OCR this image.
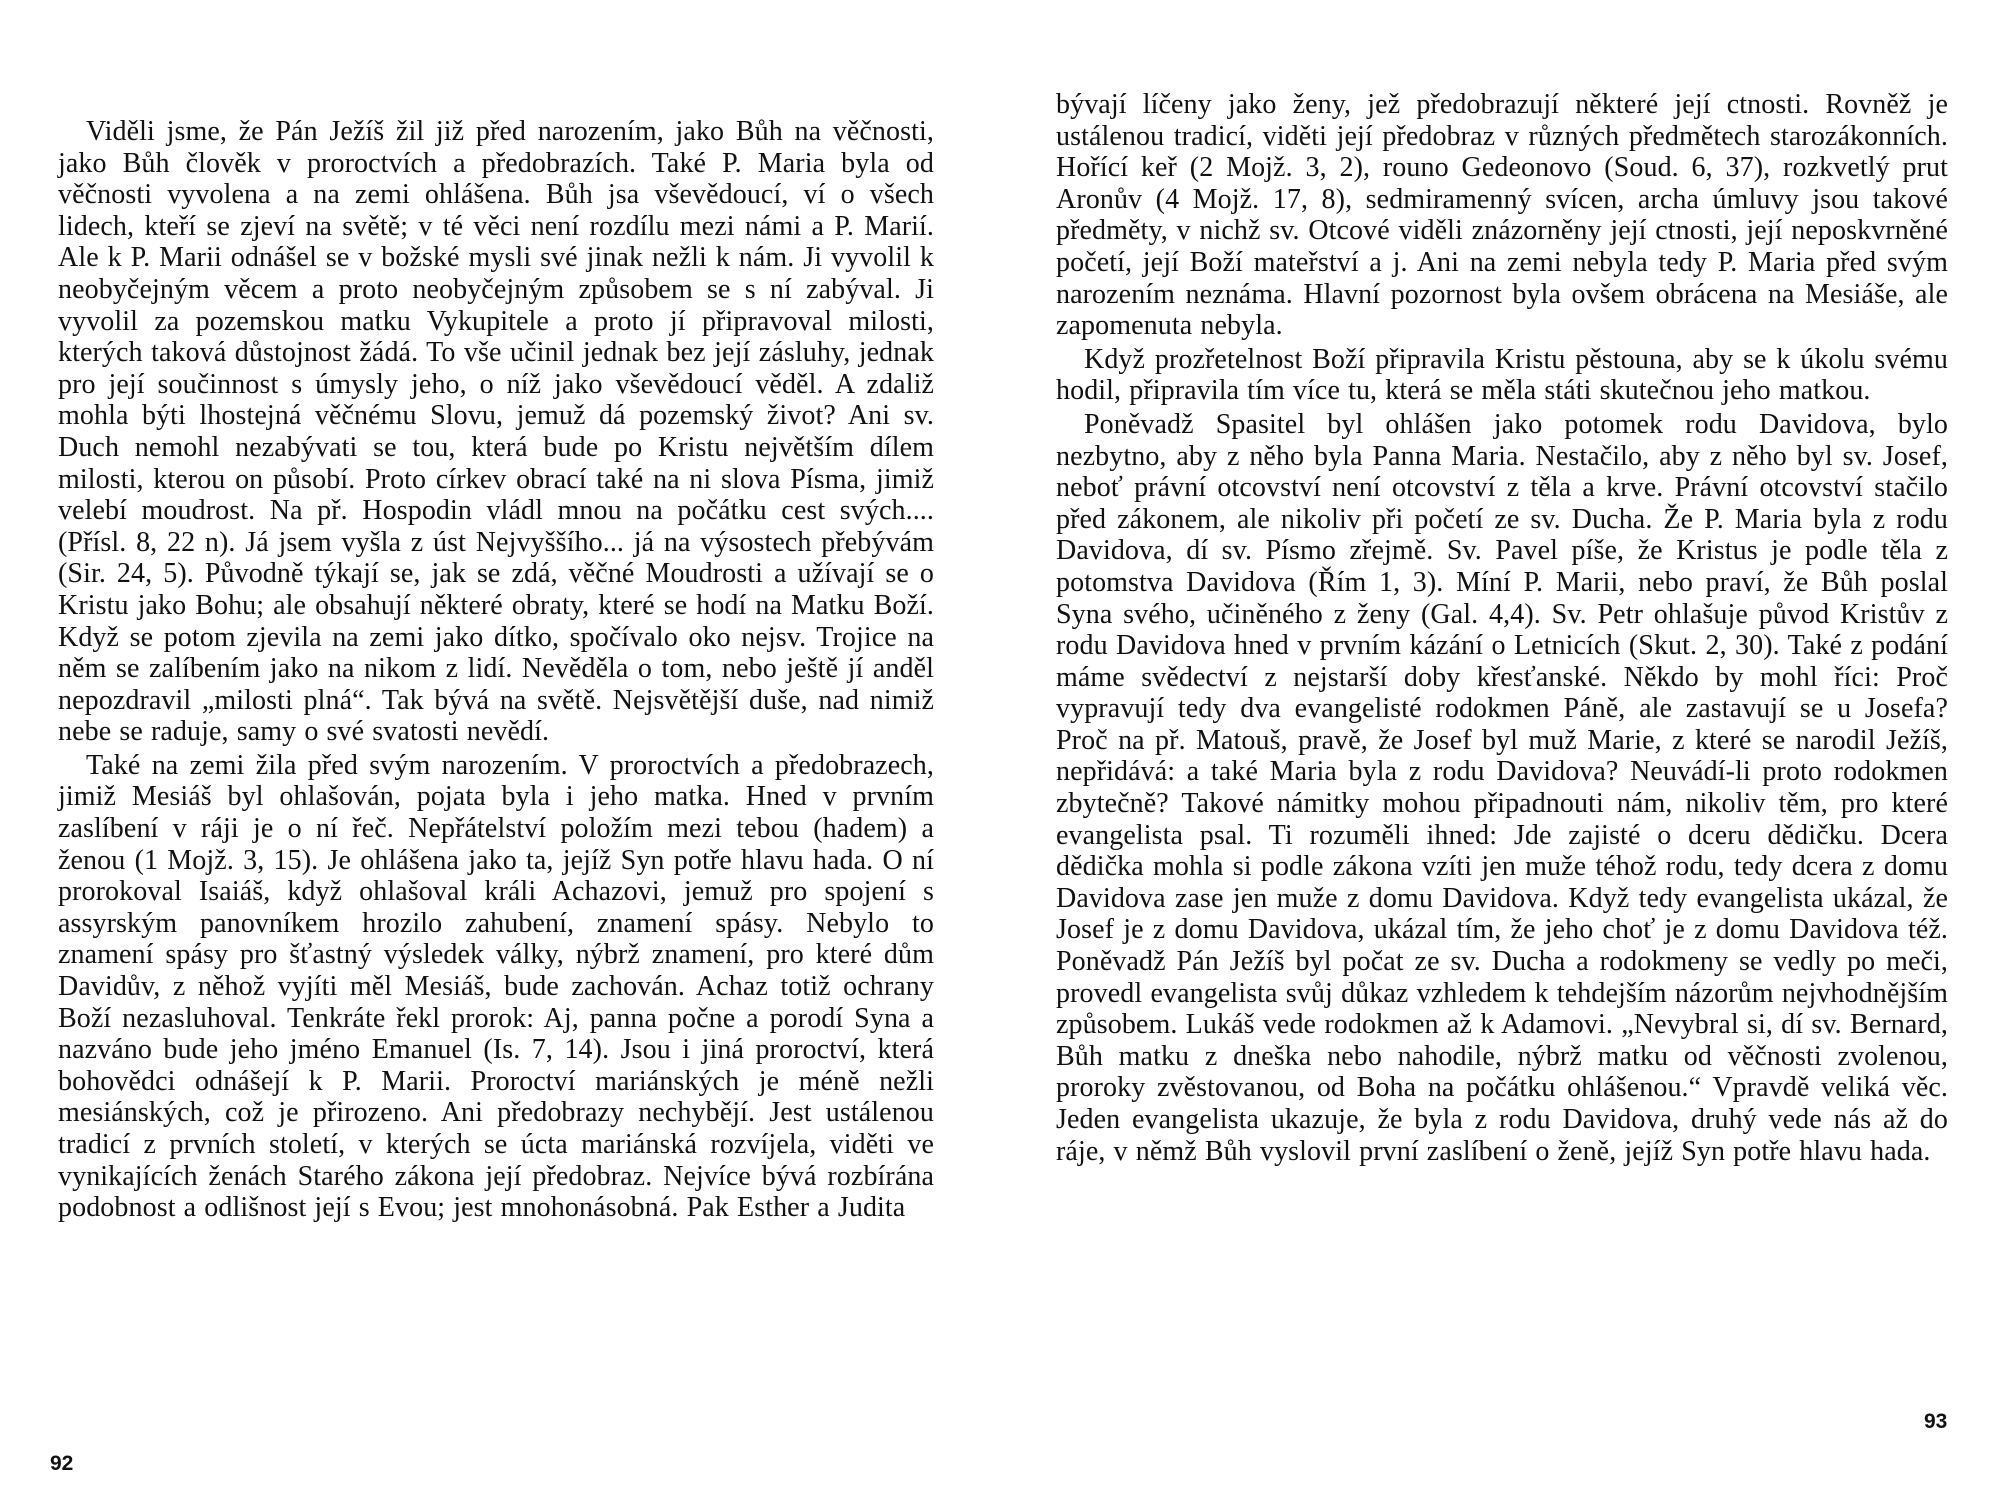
Viděli jsme, že Pán Ježíš žil již před narozením, jako Bůh na věčnosti, jako Bůh člověk v proroctvích a předobrazích. Také P. Maria byla od věčnosti vyvolena a na zemi ohlášena. Bůh jsa vševědoucí, ví o všech lidech, kteří se zjeví na světě; v té věci není rozdílu mezi námi a P. Marií. Ale k P. Marii odnášel se v božské mysli své jinak nežli k nám. Ji vyvolil k neobyčejným věcem a proto neobyčejným způsobem se s ní zabýval. Ji vyvolil za pozemskou matku Vykupitele a proto jí připravoval milosti, kterých taková důstojnost žádá. To vše učinil jednak bez její zásluhy, jednak pro její součinnost s úmysly jeho, o níž jako vševědoucí věděl. A zdaliž mohla býti lhostejná věčnému Slovu, jemuž dá pozemský život? Ani sv. Duch nemohl nezabývati se tou, která bude po Kristu největším dílem milosti, kterou on působí. Proto církev obrací také na ni slova Písma, jimiž velebí moudrost. Na př. Hospodin vládl mnou na počátku cest svých.... (Přísl. 8, 22 n). Já jsem vyšla z úst Nejvyššího... já na výsostech přebývám (Sir. 24, 5). Původně týkají se, jak se zdá, věčné Moudrosti a užívají se o Kristu jako Bohu; ale obsahují některé obraty, které se hodí na Matku Boží. Když se potom zjevila na zemi jako dítko, spočívalo oko nejsv. Trojice na něm se zalíbením jako na nikom z lidí. Nevěděla o tom, nebo ještě jí anděl nepozdravil „milosti plná“. Tak bývá na světě. Nejsvětější duše, nad nimiž nebe se raduje, samy o své svatosti nevědí.

Také na zemi žila před svým narozením. V proroctvích a předobrazech, jimiž Mesiáš byl ohlašován, pojata byla i jeho matka. Hned v prvním zaslíbení v ráji je o ní řeč. Nepřátelství položím mezi tebou (hadem) a ženou (1 Mojž. 3, 15). Je ohlášena jako ta, jejíž Syn potře hlavu hada. O ní prorokoval Isaiáš, když ohlašoval králi Achazovi, jemuž pro spojení s assyrským panovníkem hrozilo zahubení, znamení spásy. Nebylo to znamení spásy pro šťastný výsledek války, nýbrž znamení, pro které dům Davidův, z něhož vyjíti měl Mesiáš, bude zachován. Achaz totiž ochrany Boží nezasluhoval. Tenkráte řekl prorok: Aj, panna počne a porodí Syna a nazváno bude jeho jméno Emanuel (Is. 7, 14). Jsou i jiná proroctví, která bohovědci odnášejí k P. Marii. Proroctví mariánských je méně nežli mesiánských, což je přirozeno. Ani předobrazy nechybějí. Jest ustálenou tradicí z prvních století, v kterých se úcta mariánská rozvíjela, viděti ve vynikajících ženách Starého zákona její předobraz. Nejvíce bývá rozbírána podobnost a odlišnost její s Evou; jest mnohonásobná. Pak Esther a Judita

92

bývají líčeny jako ženy, jež předobrazují některé její ctnosti. Rovněž je ustálenou tradicí, viděti její předobraz v různých předmětech starozákonních. Hořící keř (2 Mojž. 3, 2), rouno Gedeonovo (Soud. 6, 37), rozkvetlý prut Aronův (4 Mojž. 17, 8), sedmiramenný svícen, archa úmluvy jsou takové předměty, v nichž sv. Otcové viděli znázorněny její ctnosti, její neposkvrněné početí, její Boží mateřství a j. Ani na zemi nebyla tedy P. Maria před svým narozením neznáma. Hlavní pozornost byla ovšem obrácena na Mesiáše, ale zapomenuta nebyla.

Když prozřetelnost Boží připravila Kristu pěstouna, aby se k úkolu svému hodil, připravila tím více tu, která se měla státi skutečnou jeho matkou.

Poněvadž Spasitel byl ohlášen jako potomek rodu Davidova, bylo nezbytno, aby z něho byla Panna Maria. Nestačilo, aby z něho byl sv. Josef, neboť právní otcovství není otcovství z těla a krve. Právní otcovství stačilo před zákonem, ale nikoliv při početí ze sv. Ducha. Že P. Maria byla z rodu Davidova, dí sv. Písmo zřejmě. Sv. Pavel píše, že Kristus je podle těla z potomstva Davidova (Řím 1, 3). Míní P. Marii, nebo praví, že Bůh poslal Syna svého, učiněného z ženy (Gal. 4,4). Sv. Petr ohlašuje původ Kristův z rodu Davidova hned v prvním kázání o Letnicích (Skut. 2, 30). Také z podání máme svědectví z nejstarší doby křesťanské. Někdo by mohl říci: Proč vypravují tedy dva evangelisté rodokmen Páně, ale zastavují se u Josefa? Proč na př. Matouš, pravě, že Josef byl muž Marie, z které se narodil Ježíš, nepřidává: a také Maria byla z rodu Davidova? Neuvádí-li proto rodokmen zbytečně? Takové námitky mohou připadnouti nám, nikoliv těm, pro které evangelista psal. Ti rozuměli ihned: Jde zajisté o dceru dědičku. Dcera dědička mohla si podle zákona vzíti jen muže téhož rodu, tedy dcera z domu Davidova zase jen muže z domu Davidova. Když tedy evangelista ukázal, že Josef je z domu Davidova, ukázal tím, že jeho choť je z domu Davidova též. Poněvadž Pán Ježíš byl počat ze sv. Ducha a rodokmeny se vedly po meči, provedl evangelista svůj důkaz vzhledem k tehdejším názorům nejvhodnějším způsobem. Lukáš vede rodokmen až k Adamovi. „Nevybral si, dí sv. Bernard, Bůh matku z dneška nebo nahodile, nýbrž matku od věčnosti zvolenou, proroky zvěstovanou, od Boha na počátku ohlášenou.“ Vpravdě veliká věc. Jeden evangelista ukazuje, že byla z rodu Davidova, druhý vede nás až do ráje, v němž Bůh vyslovil první zaslíbení o ženě, jejíž Syn potře hlavu hada.

93
